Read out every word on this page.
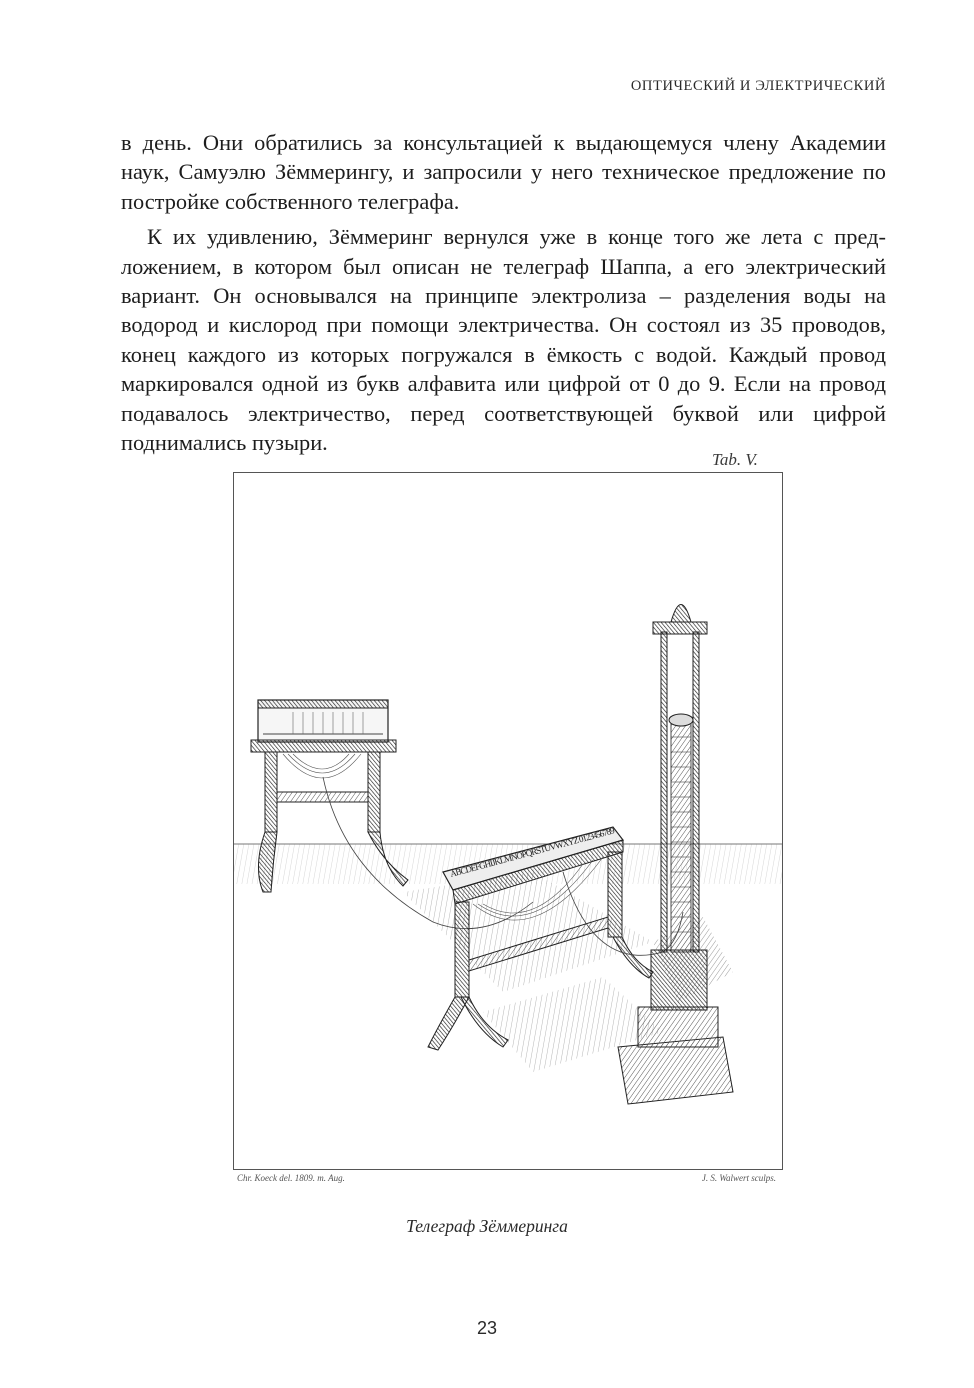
ОПТИЧЕСКИЙ И ЭЛЕКТРИЧЕСКИЙ

в день. Они обратились за консультацией к выдающемуся члену Академии наук, Самуэлю Зёммерингу, и запросили у него техническое предложение по постройке собственного телеграфа.

К их удивлению, Зёммеринг вернулся уже в конце того же лета с предложением, в котором был описан не телеграф Шаппа, а его электрический вариант. Он основывался на принципе электролиза – разделения воды на водород и кислород при помощи электричества. Он состоял из 35 проводов, конец каждого из которых погружался в ёмкость с водой. Каждый провод маркировался одной из букв алфавита или цифрой от 0 до 9. Если на провод подавалось электричество, перед соответствующей буквой или цифрой поднимались пузыри.

Tab. V.
ABCDEFGHIJKLMNOPQRSTUVWXYZ 0123456789
Chr. Koeck del. 1809. m. Aug.	J. S. Walwert sculps.
Телеграф Зёммеринга
23
